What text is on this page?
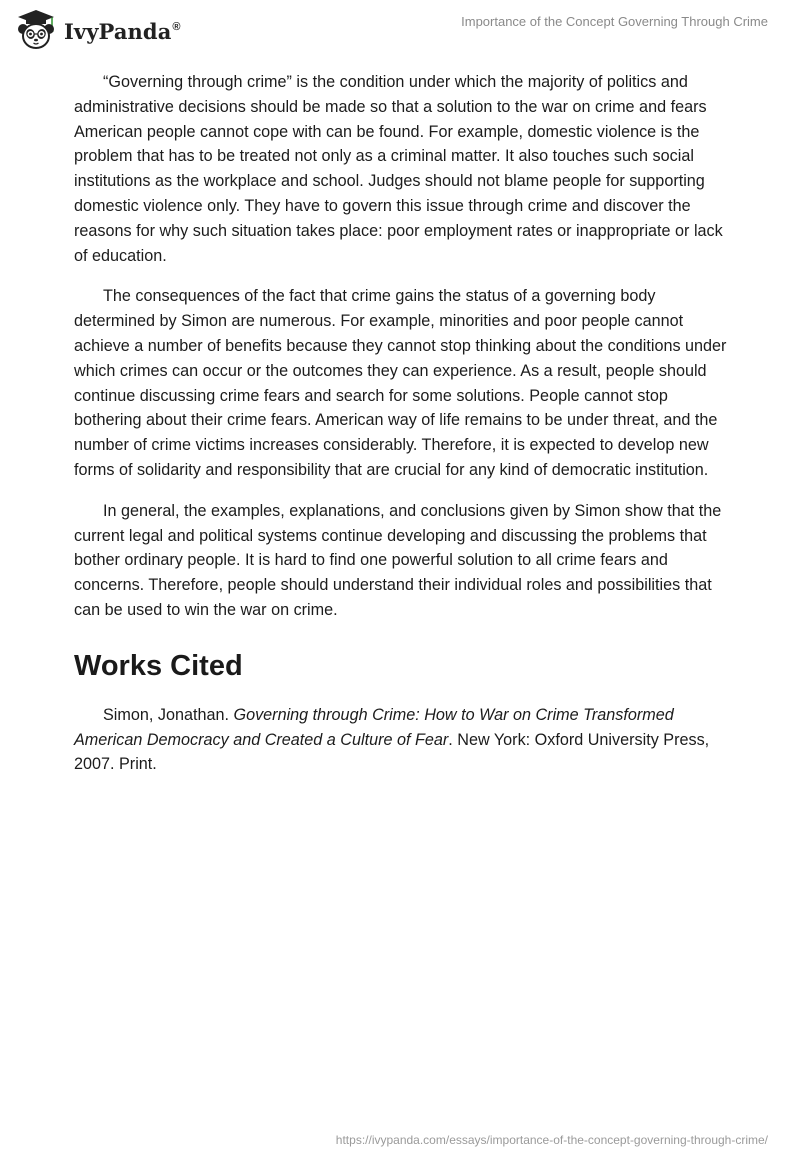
IvyPanda®	Importance of the Concept Governing Through Crime

“Governing through crime” is the condition under which the majority of politics and administrative decisions should be made so that a solution to the war on crime and fears American people cannot cope with can be found. For example, domestic violence is the problem that has to be treated not only as a criminal matter. It also touches such social institutions as the workplace and school. Judges should not blame people for supporting domestic violence only. They have to govern this issue through crime and discover the reasons for why such situation takes place: poor employment rates or inappropriate or lack of education.

The consequences of the fact that crime gains the status of a governing body determined by Simon are numerous. For example, minorities and poor people cannot achieve a number of benefits because they cannot stop thinking about the conditions under which crimes can occur or the outcomes they can experience. As a result, people should continue discussing crime fears and search for some solutions. People cannot stop bothering about their crime fears. American way of life remains to be under threat, and the number of crime victims increases considerably. Therefore, it is expected to develop new forms of solidarity and responsibility that are crucial for any kind of democratic institution.

In general, the examples, explanations, and conclusions given by Simon show that the current legal and political systems continue developing and discussing the problems that bother ordinary people. It is hard to find one powerful solution to all crime fears and concerns. Therefore, people should understand their individual roles and possibilities that can be used to win the war on crime.

Works Cited

Simon, Jonathan. Governing through Crime: How to War on Crime Transformed American Democracy and Created a Culture of Fear. New York: Oxford University Press, 2007. Print.

https://ivypanda.com/essays/importance-of-the-concept-governing-through-crime/
